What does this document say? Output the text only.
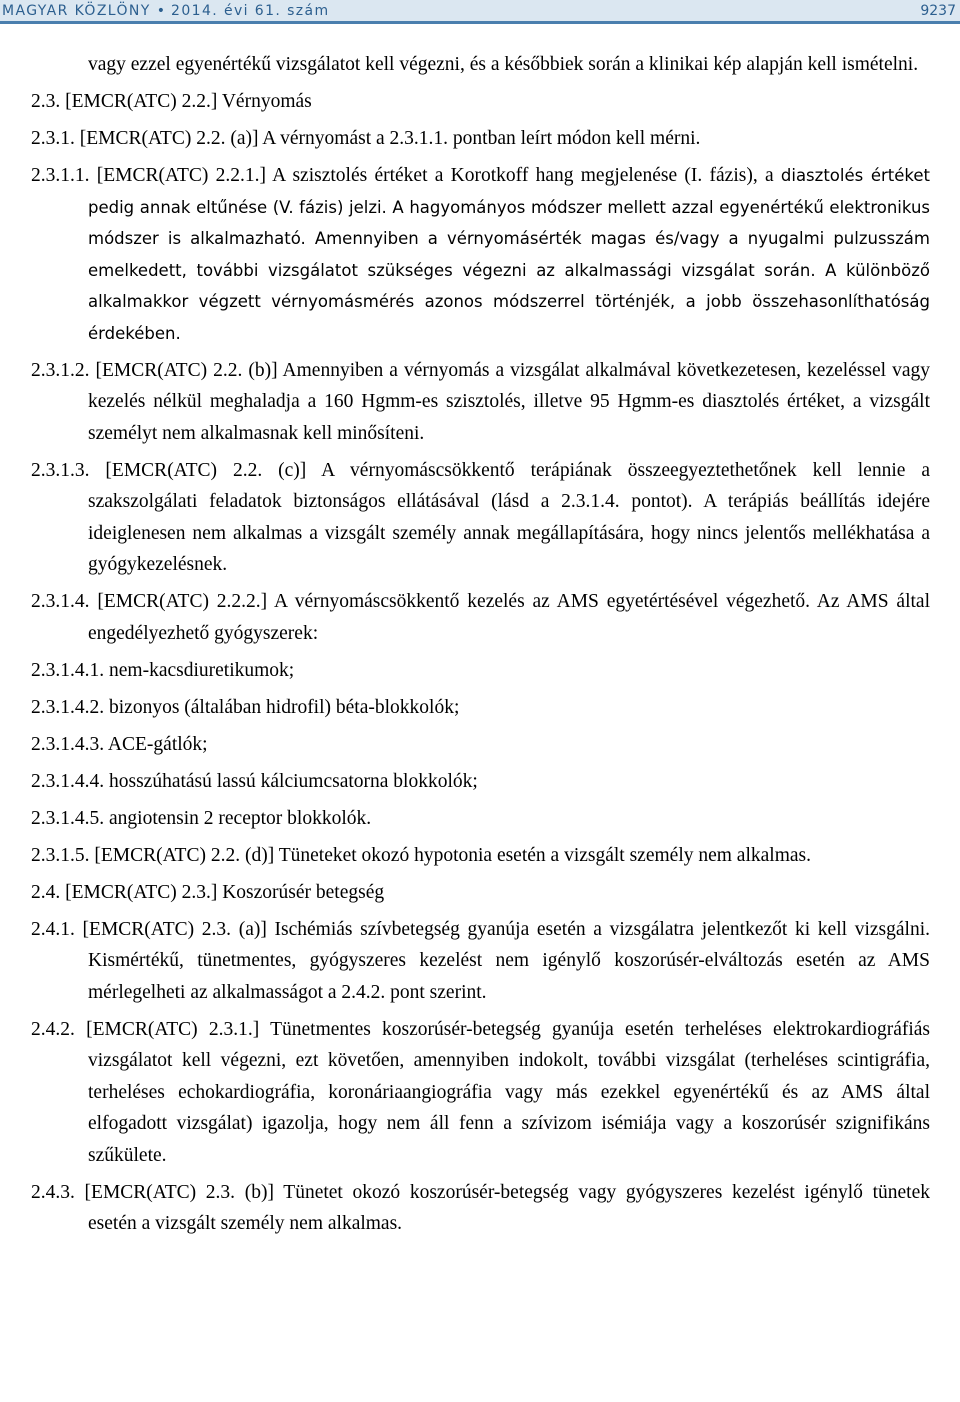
MAGYAR KÖZLÖNY • 2014. évi 61. szám	9237

vagy ezzel egyenértékű vizsgálatot kell végezni, és a későbbiek során a klinikai kép alapján kell ismételni.

2.3. [EMCR(ATC) 2.2.] Vérnyomás

2.3.1. [EMCR(ATC) 2.2. (a)] A vérnyomást a 2.3.1.1. pontban leírt módon kell mérni.

2.3.1.1. [EMCR(ATC) 2.2.1.] A szisztolés értéket a Korotkoff hang megjelenése (I. fázis), a diasztolés értéket pedig annak eltűnése (V. fázis) jelzi. A hagyományos módszer mellett azzal egyenértékű elektronikus módszer is alkalmazható. Amennyiben a vérnyomásérték magas és/vagy a nyugalmi pulzusszám emelkedett, további vizsgálatot szükséges végezni az alkalmassági vizsgálat során. A különböző alkalmakkor végzett vérnyomásmérés azonos módszerrel történjék, a jobb összehasonlíthatóság érdekében.

2.3.1.2. [EMCR(ATC) 2.2. (b)] Amennyiben a vérnyomás a vizsgálat alkalmával következetesen, kezeléssel vagy kezelés nélkül meghaladja a 160 Hgmm-es szisztolés, illetve 95 Hgmm-es diasztolés értéket, a vizsgált személyt nem alkalmasnak kell minősíteni.

2.3.1.3. [EMCR(ATC) 2.2. (c)] A vérnyomáscsökkentő terápiának összeegyeztethetőnek kell lennie a szakszolgálati feladatok biztonságos ellátásával (lásd a 2.3.1.4. pontot). A terápiás beállítás idejére ideiglenesen nem alkalmas a vizsgált személy annak megállapítására, hogy nincs jelentős mellékhatása a gyógykezelésnek.

2.3.1.4. [EMCR(ATC) 2.2.2.] A vérnyomáscsökkentő kezelés az AMS egyetértésével végezhető. Az AMS által engedélyezhető gyógyszerek:

2.3.1.4.1. nem-kacsdiuretikumok;

2.3.1.4.2. bizonyos (általában hidrofil) béta-blokkolók;

2.3.1.4.3. ACE-gátlók;

2.3.1.4.4. hosszúhatású lassú kálciumcsatorna blokkolók;

2.3.1.4.5. angiotensin 2 receptor blokkolók.

2.3.1.5. [EMCR(ATC) 2.2. (d)] Tüneteket okozó hypotonia esetén a vizsgált személy nem alkalmas.

2.4. [EMCR(ATC) 2.3.] Koszorúsér betegség

2.4.1. [EMCR(ATC) 2.3. (a)] Ischémiás szívbetegség gyanúja esetén a vizsgálatra jelentkezőt ki kell vizsgálni. Kismértékű, tünetmentes, gyógyszeres kezelést nem igénylő koszorúsér-elváltozás esetén az AMS mérlegelheti az alkalmasságot a 2.4.2. pont szerint.

2.4.2. [EMCR(ATC) 2.3.1.] Tünetmentes koszorúsér-betegség gyanúja esetén terheléses elektrokardiográfiás vizsgálatot kell végezni, ezt követően, amennyiben indokolt, további vizsgálat (terheléses scintigráfia, terheléses echokardiográfia, koronáriaangiográfia vagy más ezekkel egyenértékű és az AMS által elfogadott vizsgálat) igazolja, hogy nem áll fenn a szívizom isémiája vagy a koszorúsér szignifikáns szűkülete.

2.4.3. [EMCR(ATC) 2.3. (b)] Tünetet okozó koszorúsér-betegség vagy gyógyszeres kezelést igénylő tünetek esetén a vizsgált személy nem alkalmas.
